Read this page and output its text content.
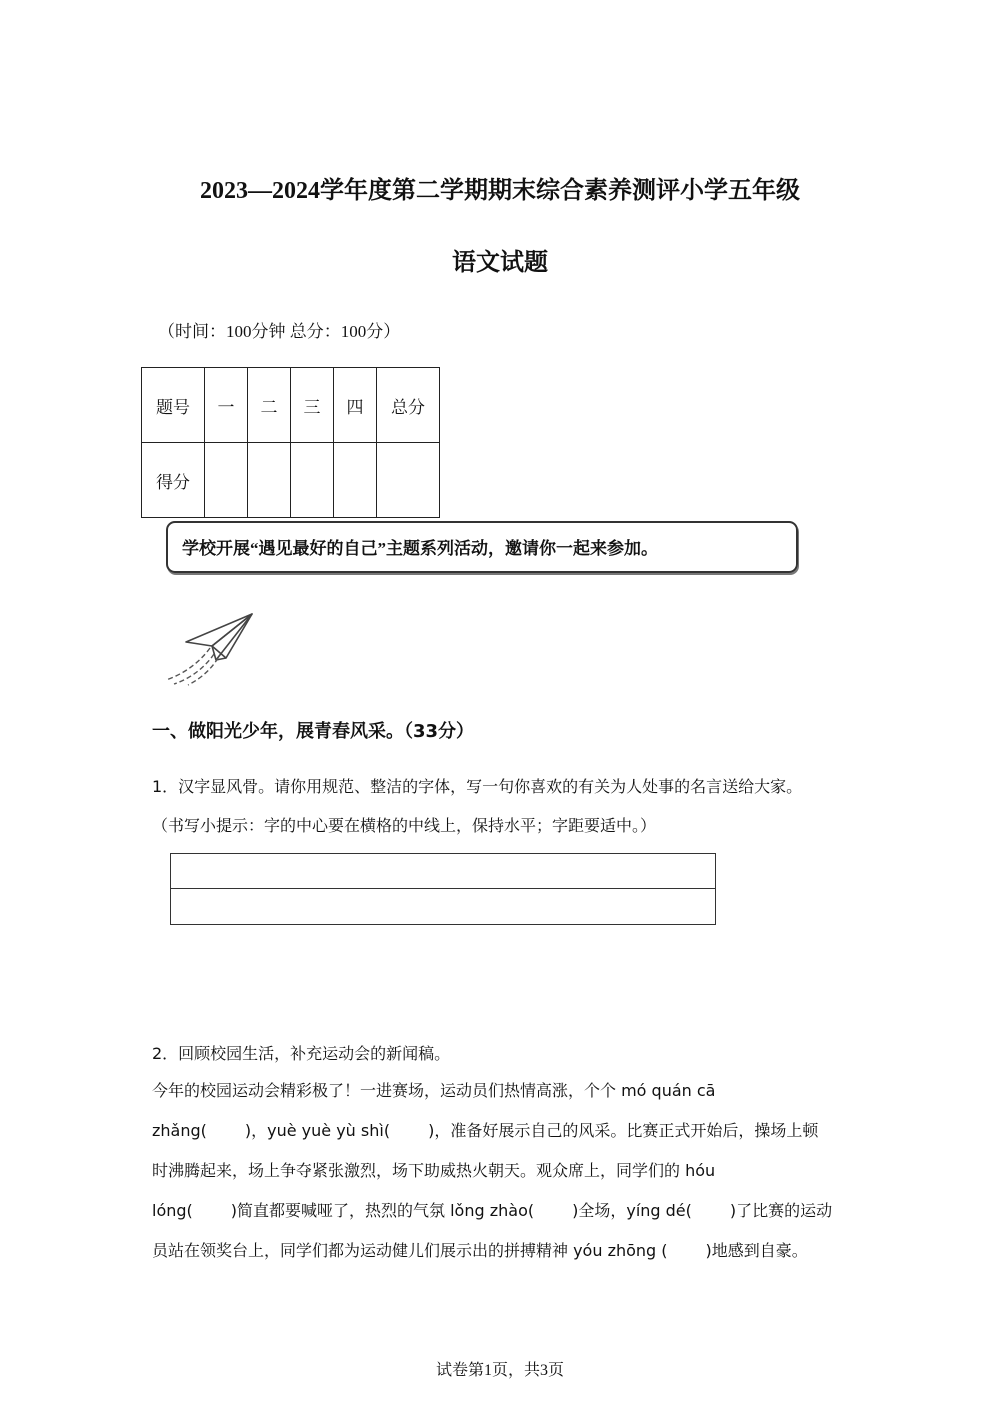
2023—2024学年度第二学期期末综合素养测评小学五年级
语文试题
（时间：100分钟 总分：100分）
题号	一	二	三	四	总分
得分					
学校开展“遇见最好的自己”主题系列活动，邀请你一起来参加。
一、做阳光少年，展青春风采。（33分）
1．汉字显风骨。请你用规范、整洁的字体，写一句你喜欢的有关为人处事的名言送给大家。
（书写小提示：字的中心要在横格的中线上，保持水平；字距要适中。）
2．回顾校园生活，补充运动会的新闻稿。
今年的校园运动会精彩极了！一进赛场，运动员们热情高涨，个个 mó quán cā
zhǎng( )，yuè yuè yù shì( )，准备好展示自己的风采。比赛正式开始后，操场上顿
时沸腾起来，场上争夺紧张激烈，场下助威热火朝天。观众席上，同学们的 hóu
lóng( )简直都要喊哑了，热烈的气氛 lǒng zhào( )全场，yíng dé( )了比赛的运动
员站在领奖台上，同学们都为运动健儿们展示出的拼搏精神 yóu zhōng ( )地感到自豪。
试卷第1页，共3页
